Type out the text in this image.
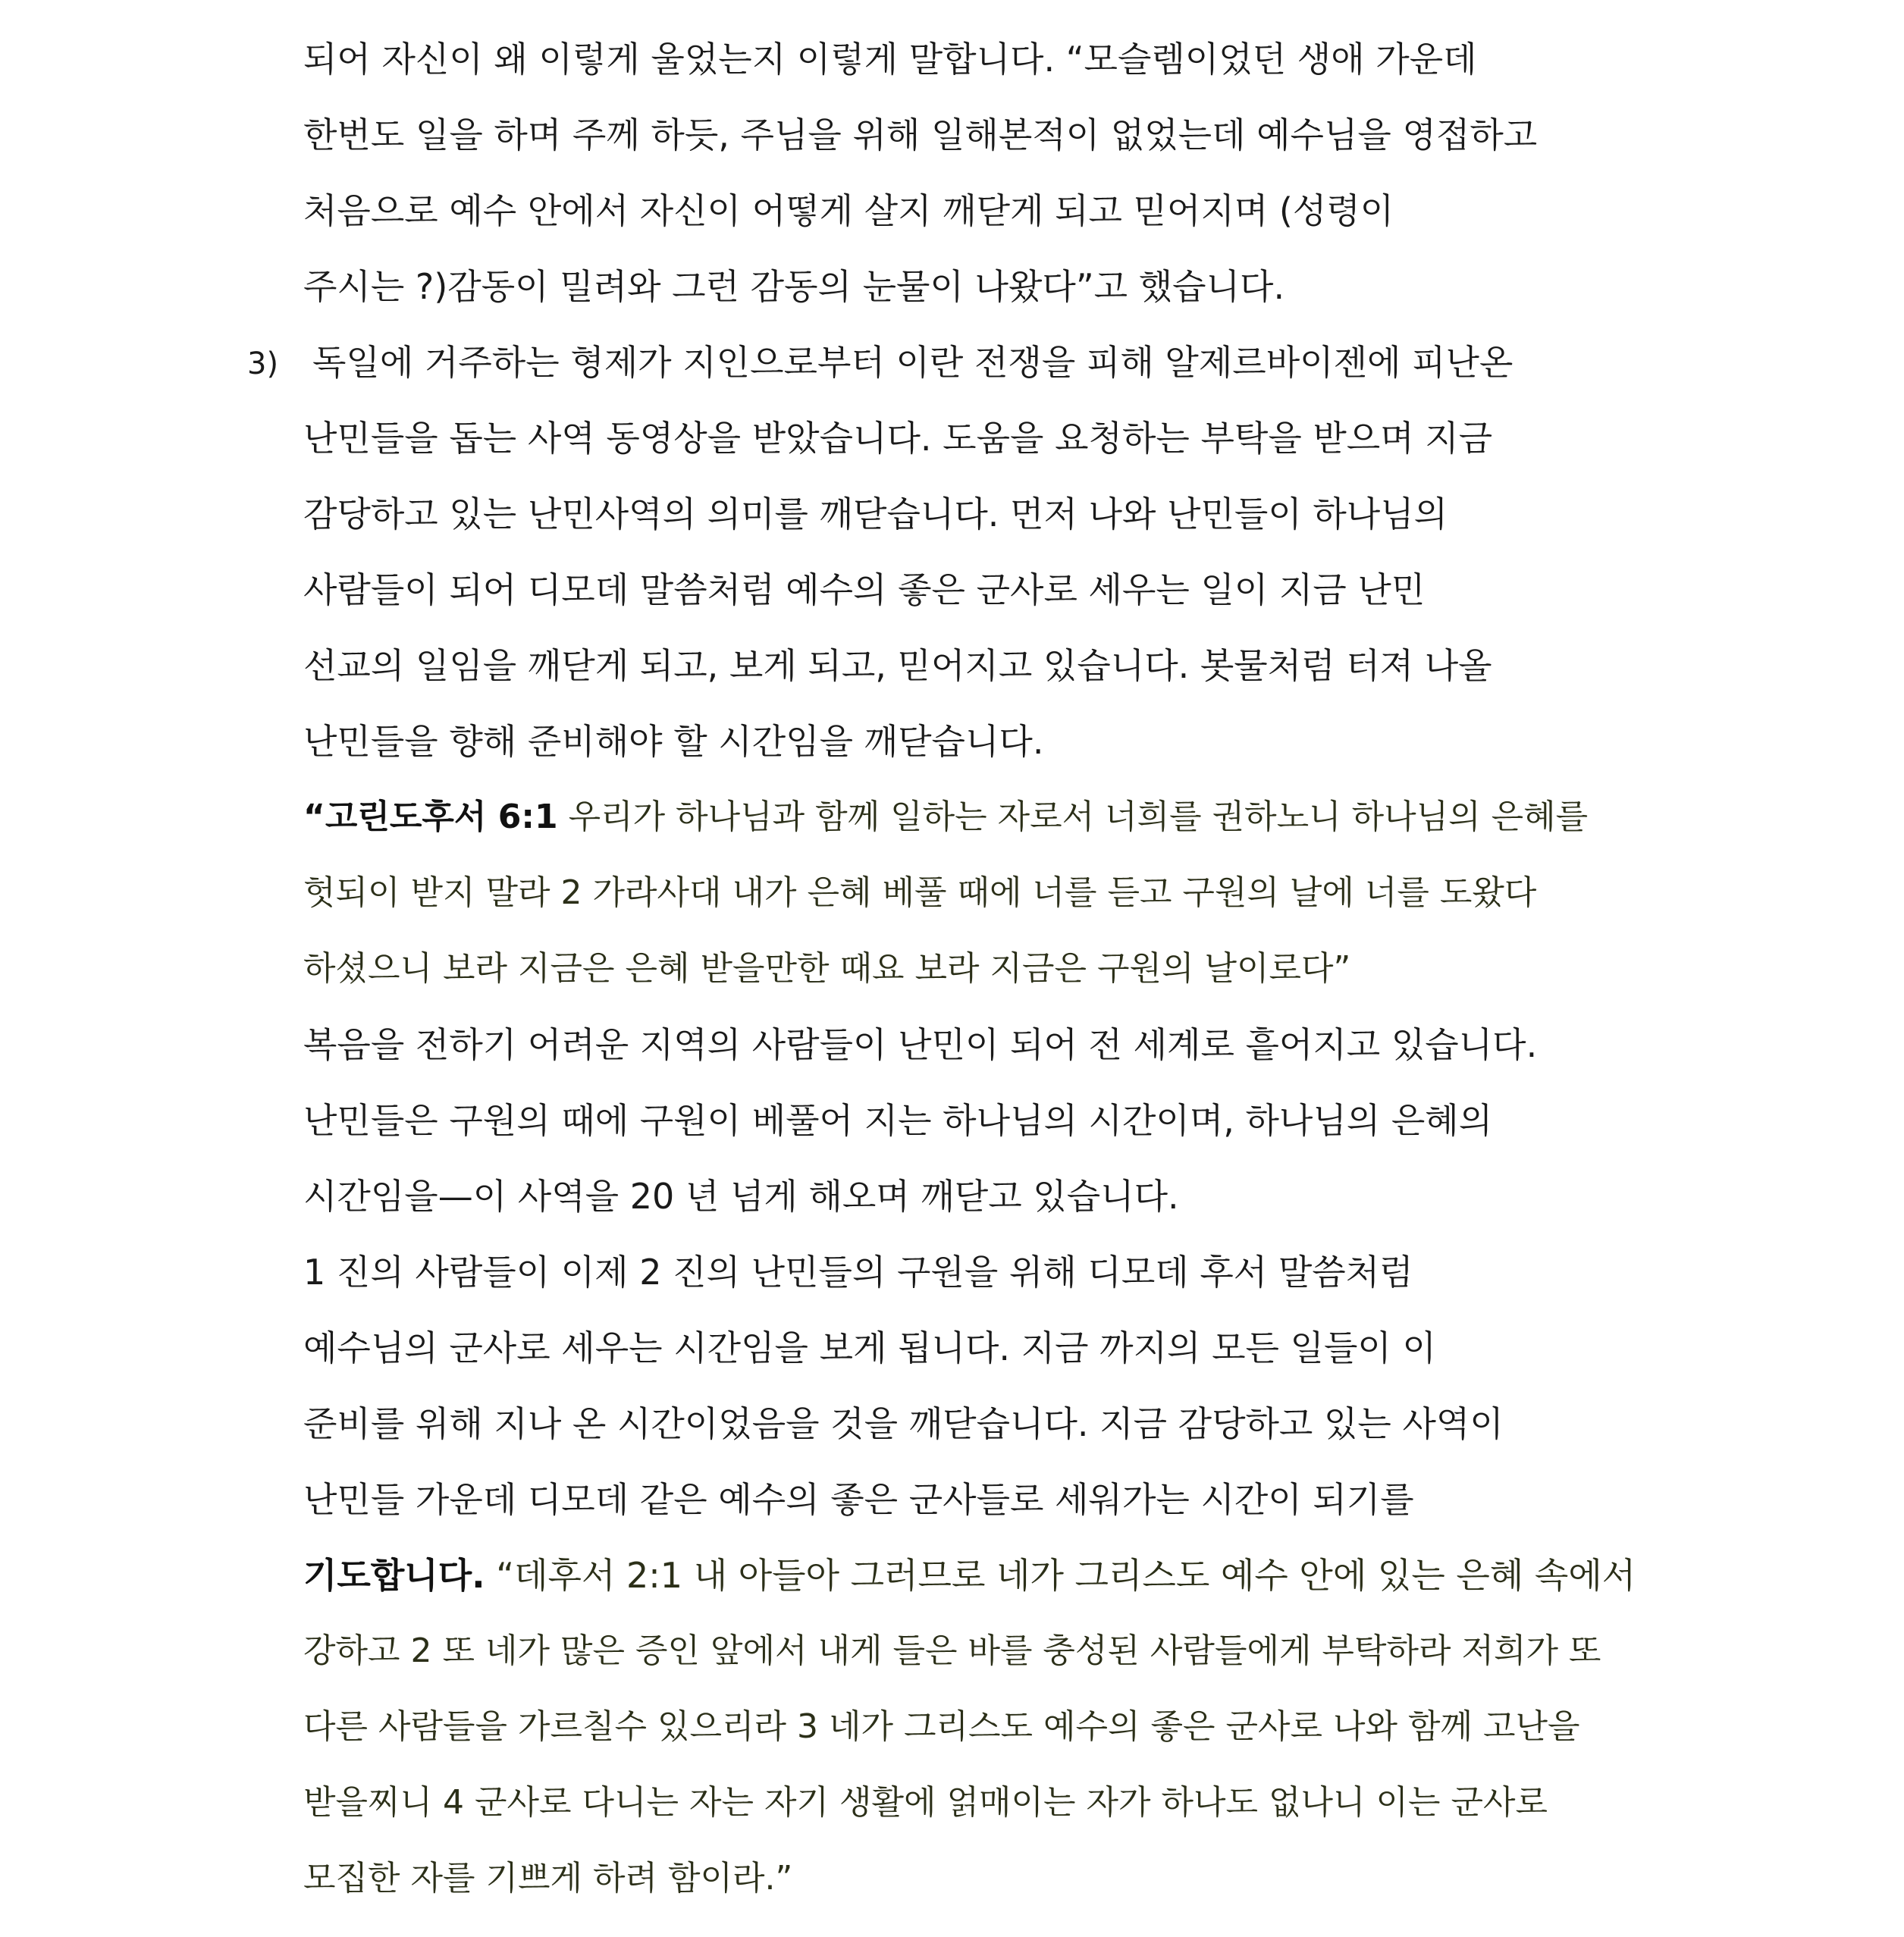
되어 자신이 왜 이렇게 울었는지 이렇게 말합니다. “모슬렘이었던 생애 가운데
한번도 일을 하며 주께 하듯, 주님을 위해 일해본적이 없었는데 예수님을 영접하고
처음으로 예수 안에서 자신이 어떻게 살지 깨닫게 되고 믿어지며 (성령이
주시는 ?)감동이 밀려와 그런 감동의 눈물이 나왔다”고 했습니다.
3) 독일에 거주하는 형제가 지인으로부터 이란 전쟁을 피해 알제르바이젠에 피난온
난민들을 돕는 사역 동영상을 받았습니다. 도움을 요청하는 부탁을 받으며 지금
감당하고 있는 난민사역의 의미를 깨닫습니다. 먼저 나와 난민들이 하나님의
사람들이 되어 디모데 말씀처럼 예수의 좋은 군사로 세우는 일이 지금 난민
선교의 일임을 깨닫게 되고, 보게 되고, 믿어지고 있습니다. 봇물처럼 터져 나올
난민들을 향해 준비해야 할 시간임을 깨닫습니다.
“고린도후서 6:1 우리가 하나님과 함께 일하는 자로서 너희를 권하노니 하나님의 은혜를
헛되이 받지 말라 2 가라사대 내가 은혜 베풀 때에 너를 듣고 구원의 날에 너를 도왔다
하셨으니 보라 지금은 은혜 받을만한 때요 보라 지금은 구원의 날이로다”
복음을 전하기 어려운 지역의 사람들이 난민이 되어 전 세계로 흩어지고 있습니다.
난민들은 구원의 때에 구원이 베풀어 지는 하나님의 시간이며, 하나님의 은혜의
시간임을—이 사역을 20 년 넘게 해오며 깨닫고 있습니다.
1 진의 사람들이 이제 2 진의 난민들의 구원을 위해 디모데 후서 말씀처럼
예수님의 군사로 세우는 시간임을 보게 됩니다. 지금 까지의 모든 일들이 이
준비를 위해 지나 온 시간이었음을 것을 깨닫습니다. 지금 감당하고 있는 사역이
난민들 가운데 디모데 같은 예수의 좋은 군사들로 세워가는 시간이 되기를
기도합니다. “데후서 2:1 내 아들아 그러므로 네가 그리스도 예수 안에 있는 은혜 속에서
강하고 2 또 네가 많은 증인 앞에서 내게 들은 바를 충성된 사람들에게 부탁하라 저희가 또
다른 사람들을 가르칠수 있으리라 3 네가 그리스도 예수의 좋은 군사로 나와 함께 고난을
받을찌니 4 군사로 다니는 자는 자기 생활에 얽매이는 자가 하나도 없나니 이는 군사로
모집한 자를 기쁘게 하려 함이라.”
